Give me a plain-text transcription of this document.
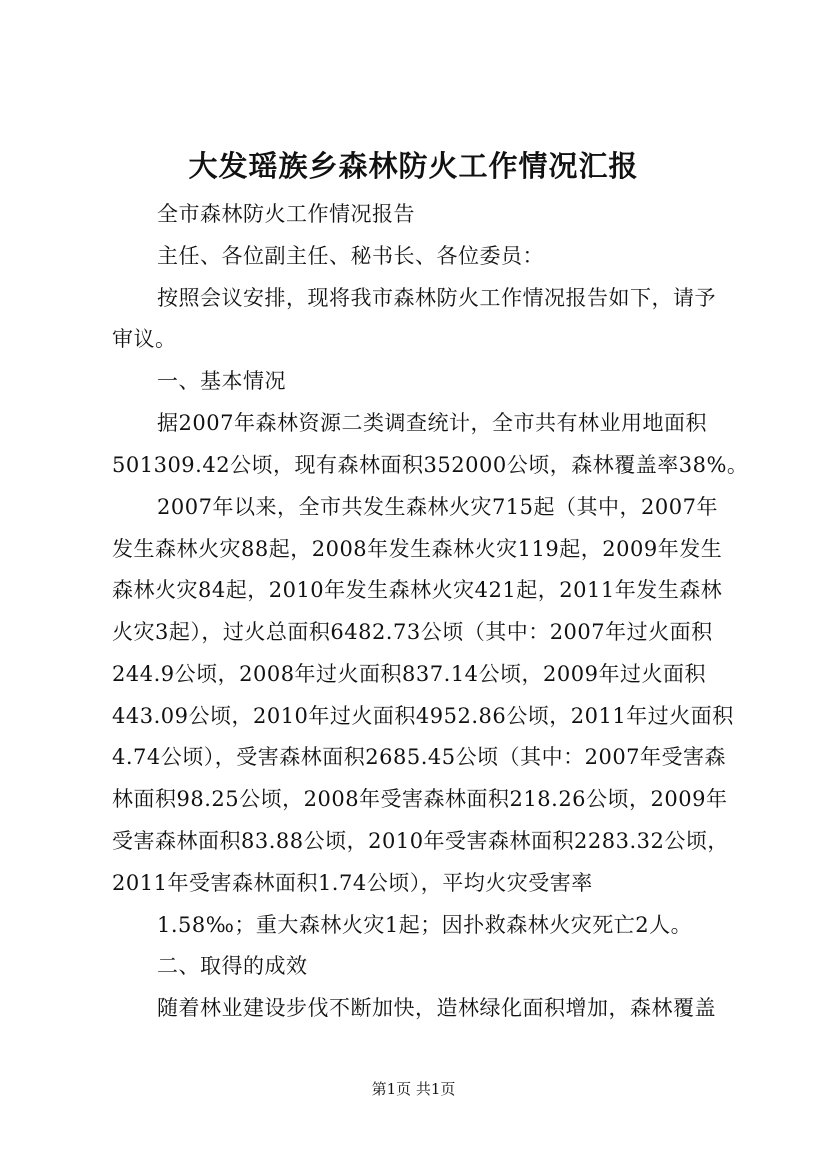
大发瑶族乡森林防火工作情况汇报
全市森林防火工作情况报告
主任、各位副主任、秘书长、各位委员：
按照会议安排，现将我市森林防火工作情况报告如下，请予
审议。
一、基本情况
据2007年森林资源二类调查统计，全市共有林业用地面积
501309.42公顷，现有森林面积352000公顷，森林覆盖率38%。
2007年以来，全市共发生森林火灾715起（其中，2007年
发生森林火灾88起，2008年发生森林火灾119起，2009年发生
森林火灾84起，2010年发生森林火灾421起，2011年发生森林
火灾3起），过火总面积6482.73公顷（其中：2007年过火面积
244.9公顷，2008年过火面积837.14公顷，2009年过火面积
443.09公顷，2010年过火面积4952.86公顷，2011年过火面积
4.74公顷），受害森林面积2685.45公顷（其中：2007年受害森
林面积98.25公顷，2008年受害森林面积218.26公顷，2009年
受害森林面积83.88公顷，2010年受害森林面积2283.32公顷，
2011年受害森林面积1.74公顷），平均火灾受害率
1.58‰；重大森林火灾1起；因扑救森林火灾死亡2人。
二、取得的成效
随着林业建设步伐不断加快，造林绿化面积增加，森林覆盖
第1页 共1页
